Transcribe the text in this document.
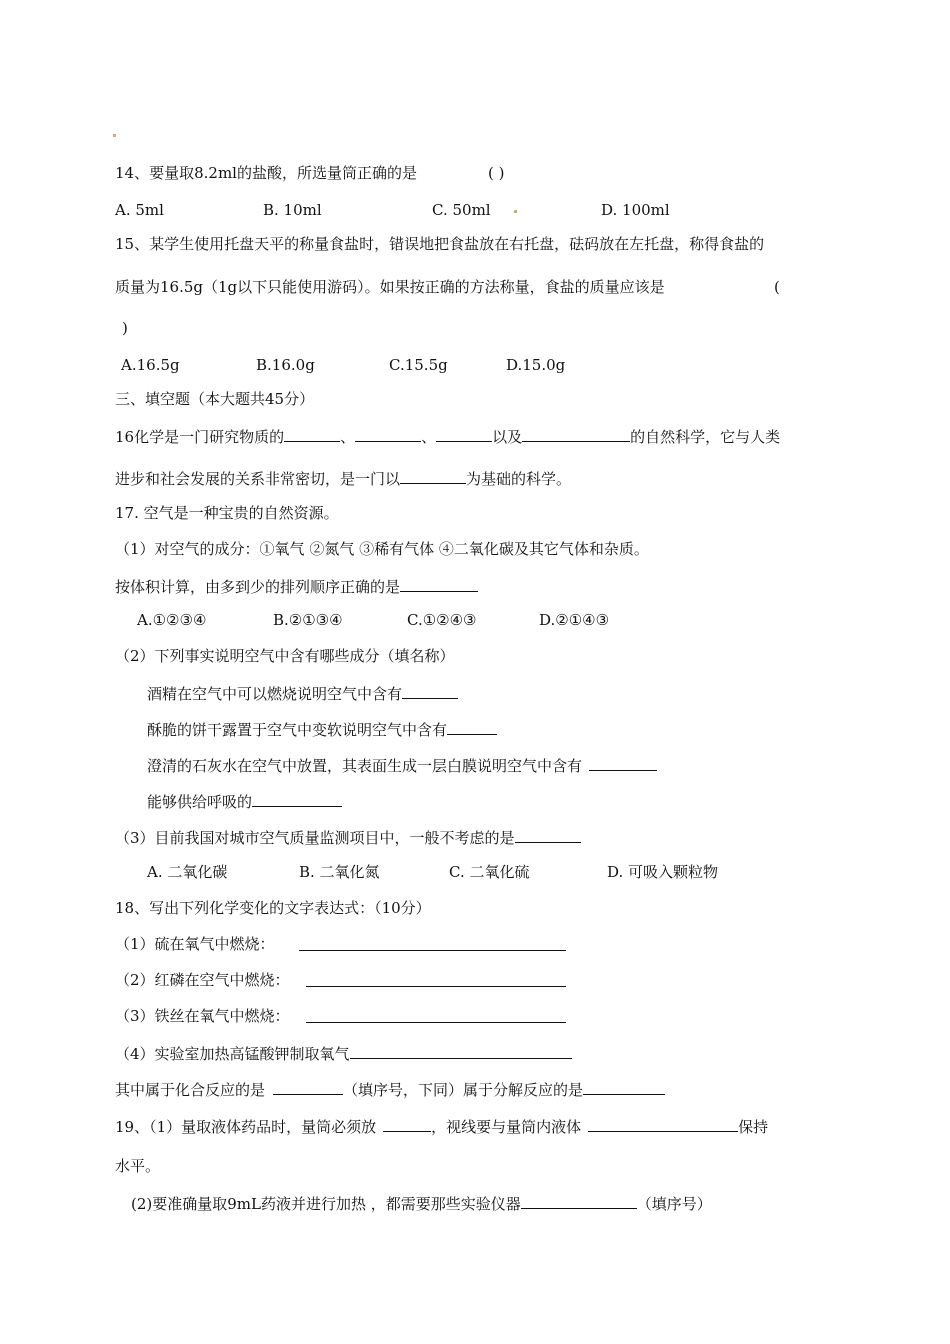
14、要量取8.2ml的盐酸，所选量筒正确的是	( )
A. 5ml	B. 10ml	C. 50ml	D. 100ml
15、某学生使用托盘天平的称量食盐时，错误地把食盐放在右托盘，砝码放在左托盘，称得食盐的
质量为16.5g（1g以下只能使用游码）。如果按正确的方法称量，食盐的质量应该是	(
)
A.16.5g	B.16.0g	C.15.5g	D.15.0g
三、填空题（本大题共45分）
16化学是一门研究物质的	、	、	以及	的自然科学，它与人类
进步和社会发展的关系非常密切，是一门以	为基础的科学。
17. 空气是一种宝贵的自然资源。
（1）对空气的成分：①氧气 ②氮气 ③稀有气体 ④二氧化碳及其它气体和杂质。
按体积计算，由多到少的排列顺序正确的是
A.①②③④	B.②①③④	C.①②④③	D.②①④③
（2）下列事实说明空气中含有哪些成分（填名称）
酒精在空气中可以燃烧说明空气中含有
酥脆的饼干露置于空气中变软说明空气中含有
澄清的石灰水在空气中放置，其表面生成一层白膜说明空气中含有
能够供给呼吸的
（3）目前我国对城市空气质量监测项目中，一般不考虑的是
A. 二氧化碳	B. 二氧化氮	C. 二氧化硫	D. 可吸入颗粒物
18、写出下列化学变化的文字表达式：（10分）
（1）硫在氧气中燃烧：
（2）红磷在空气中燃烧：
（3）铁丝在氧气中燃烧：
（4）实验室加热高锰酸钾制取氧气
其中属于化合反应的是	（填序号，下同）属于分解反应的是
19、（1）量取液体药品时，量筒必须放	，视线要与量筒内液体	保持
水平。
(2)要准确量取9mL药液并进行加热 ，都需要那些实验仪器	（填序号）
